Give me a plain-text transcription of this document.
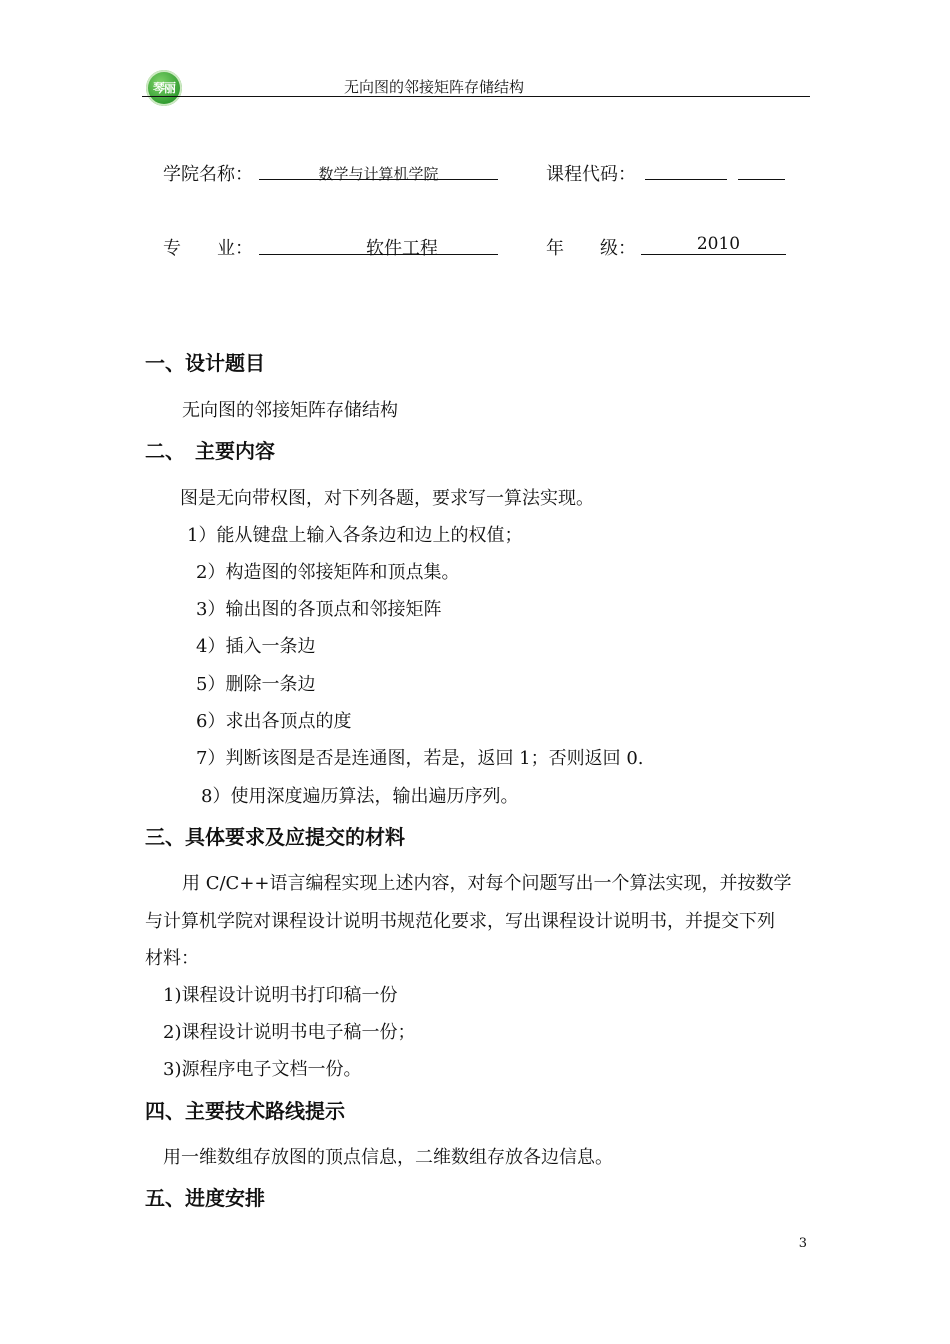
琴丽	无向图的邻接矩阵存储结构
学院名称：	数学与计算机学院	课程代码：	_
专　　业：	软件工程	年　　级：	2010
一、设计题目
无向图的邻接矩阵存储结构
二、　主要内容
图是无向带权图，对下列各题，要求写一算法实现。
1）能从键盘上输入各条边和边上的权值；
2）构造图的邻接矩阵和顶点集。
3）输出图的各顶点和邻接矩阵
4）插入一条边
5）删除一条边
6）求出各顶点的度
7）判断该图是否是连通图，若是，返回 1；否则返回 0.
8）使用深度遍历算法，输出遍历序列。
三、具体要求及应提交的材料
用 C/C++语言编程实现上述内容，对每个问题写出一个算法实现，并按数学
与计算机学院对课程设计说明书规范化要求，写出课程设计说明书，并提交下列
材料：
1)课程设计说明书打印稿一份
2)课程设计说明书电子稿一份；
3)源程序电子文档一份。
四、主要技术路线提示
用一维数组存放图的顶点信息，二维数组存放各边信息。
五、进度安排
3
